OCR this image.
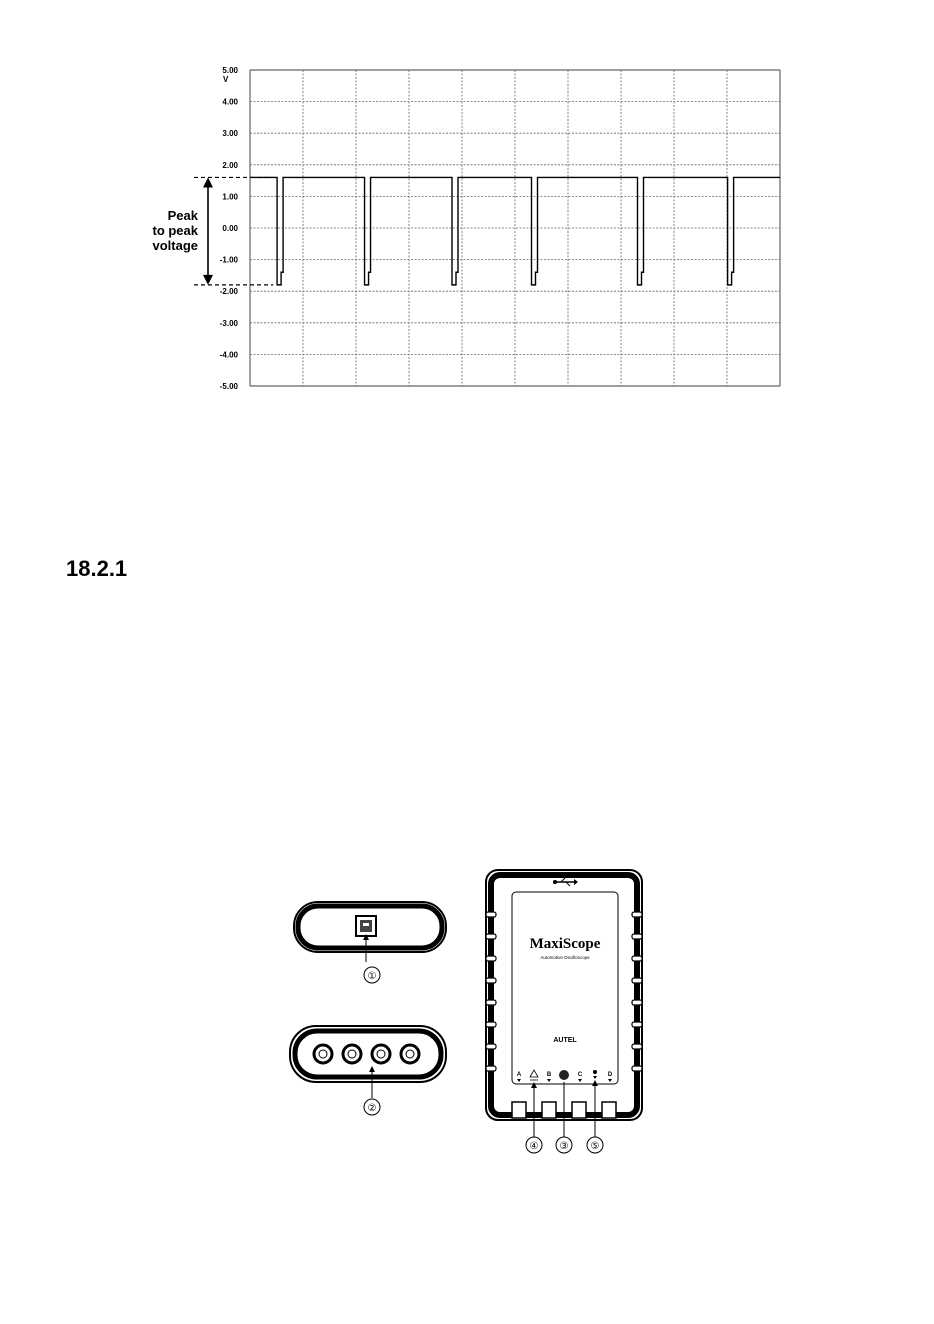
5.00
4.00
3.00
2.00
1.00
0.00
-1.00
-2.00
-3.00
-4.00
-5.00
V
Peak
to peak
voltage
18.2.1
①
②
MaxiScope
Automotive Oscilloscope
AUTEL
A	B	C	D
④ ③ ⑤
